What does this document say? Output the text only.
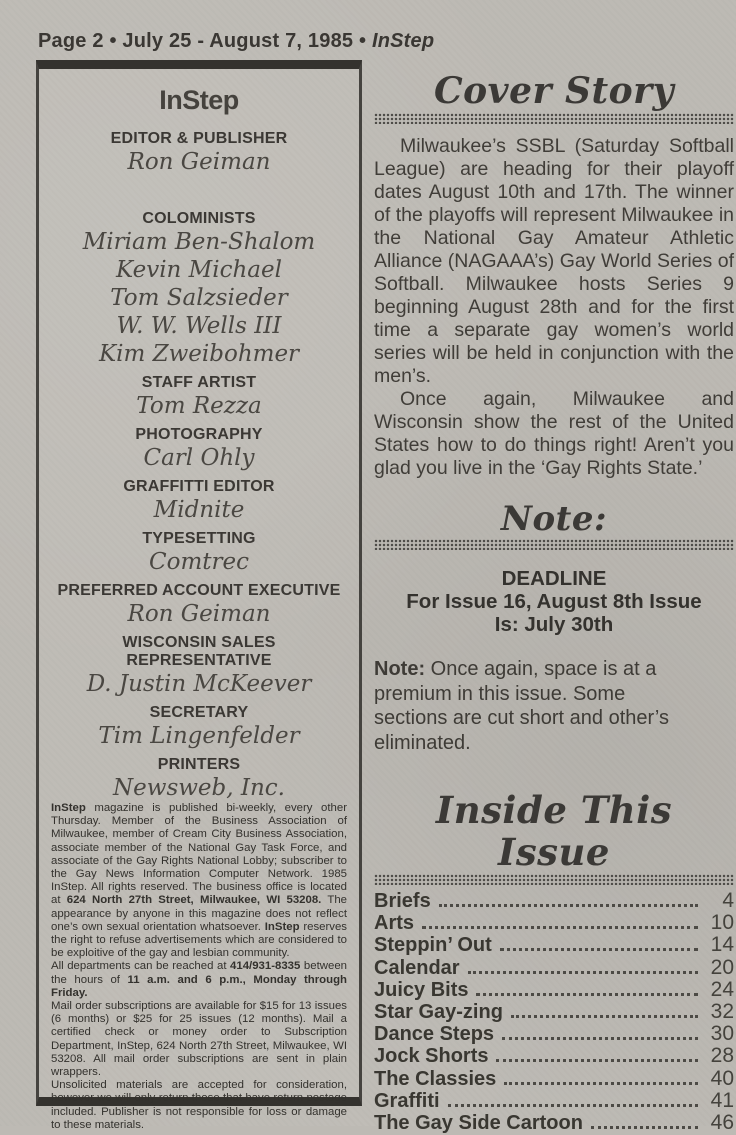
Page 2 • July 25 - August 7, 1985 • InStep
InStep
EDITOR & PUBLISHER
Ron Geiman
COLOMINISTS
Miriam Ben-Shalom
Kevin Michael
Tom Salzsieder
W. W. Wells III
Kim Zweibohmer
STAFF ARTIST
Tom Rezza
PHOTOGRAPHY
Carl Ohly
GRAFFITTI EDITOR
Midnite
TYPESETTING
Comtrec
PREFERRED ACCOUNT EXECUTIVE
Ron Geiman
WISCONSIN SALES REPRESENTATIVE
D. Justin McKeever
SECRETARY
Tim Lingenfelder
PRINTERS
Newsweb, Inc.

InStep magazine is published bi-weekly, every other Thursday. Member of the Business Association of Milwaukee, member of Cream City Business Association, associate member of the National Gay Task Force, and associate of the Gay Rights National Lobby; subscriber to the Gay News Information Computer Network. 1985 InStep. All rights reserved. The business office is located at 624 North 27th Street, Milwaukee, WI 53208. The appearance by anyone in this magazine does not reflect one’s own sexual orientation whatsoever. InStep reserves the right to refuse advertisements which are considered to be exploitive of the gay and lesbian community.

All departments can be reached at 414/931-8335 between the hours of 11 a.m. and 6 p.m., Monday through Friday.

Mail order subscriptions are available for $15 for 13 issues (6 months) or $25 for 25 issues (12 months). Mail a certified check or money order to Subscription Department, InStep, 624 North 27th Street, Milwaukee, WI 53208. All mail order subscriptions are sent in plain wrappers.

Unsolicited materials are accepted for consideration, however we will only return those that have return postage included. Publisher is not responsible for loss or damage to these materials.

Cover Story

Milwaukee’s SSBL (Saturday Softball League) are heading for their playoff dates August 10th and 17th. The winner of the playoffs will represent Milwaukee in the National Gay Amateur Athletic Alliance (NAGAAA’s) Gay World Series of Softball. Milwaukee hosts Series 9 beginning August 28th and for the first time a separate gay women’s world series will be held in conjunction with the men’s.

Once again, Milwaukee and Wisconsin show the rest of the United States how to do things right! Aren’t you glad you live in the ‘Gay Rights State.’

Note:
DEADLINE
For Issue 16, August 8th Issue
Is: July 30th
Note: Once again, space is at a premium in this issue. Some sections are cut short and other’s eliminated.
Inside This Issue
Briefs	4
Arts	10
Steppin’ Out	14
Calendar	20
Juicy Bits	24
Star Gay-zing	32
Dance Steps	30
Jock Shorts	28
The Classies	40
Graffiti	41
The Gay Side Cartoon	46
